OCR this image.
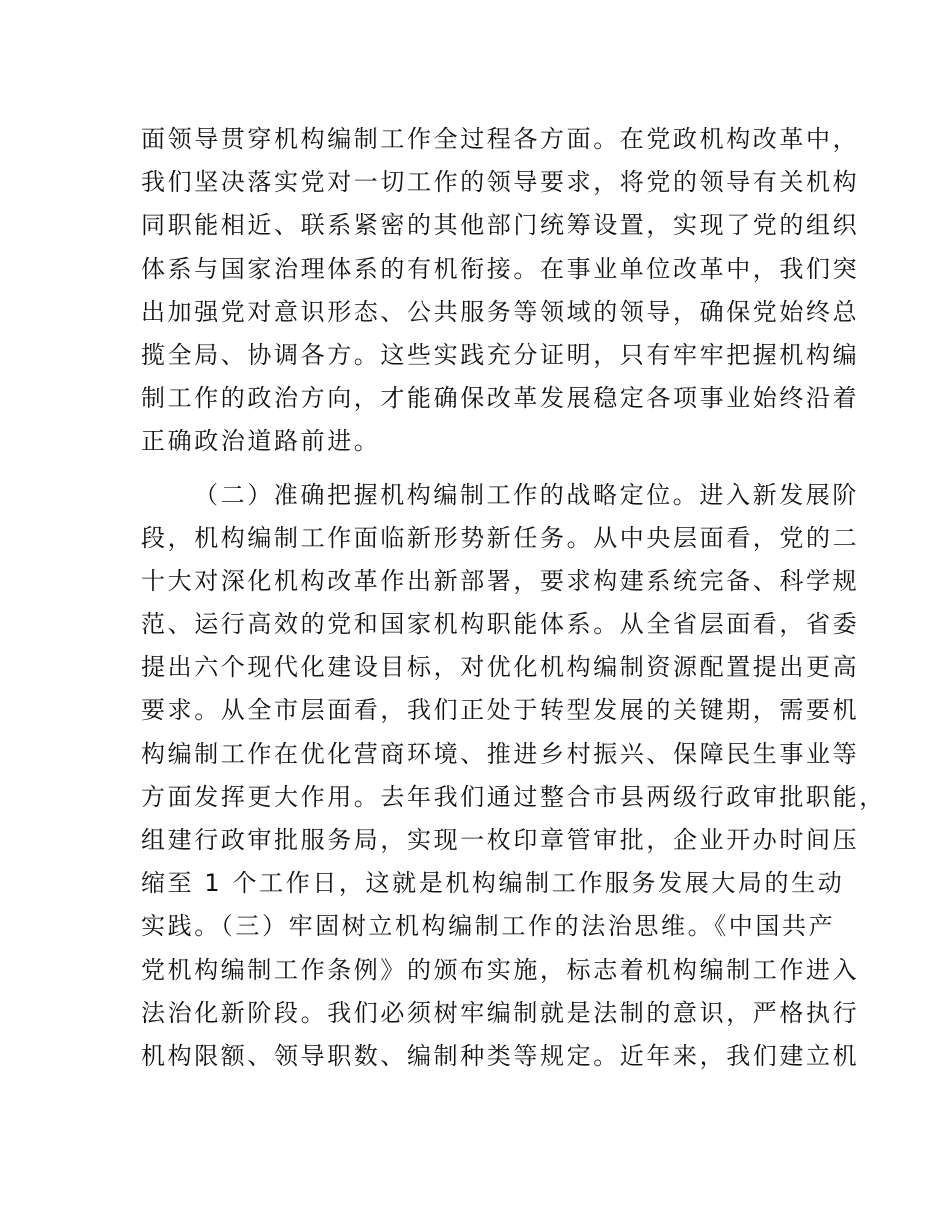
面领导贯穿机构编制工作全过程各方面。在党政机构改革中，
我们坚决落实党对一切工作的领导要求，将党的领导有关机构
同职能相近、联系紧密的其他部门统筹设置，实现了党的组织
体系与国家治理体系的有机衔接。在事业单位改革中，我们突
出加强党对意识形态、公共服务等领域的领导，确保党始终总
揽全局、协调各方。这些实践充分证明，只有牢牢把握机构编
制工作的政治方向，才能确保改革发展稳定各项事业始终沿着
正确政治道路前进。

（二）准确把握机构编制工作的战略定位。进入新发展阶
段，机构编制工作面临新形势新任务。从中央层面看，党的二
十大对深化机构改革作出新部署，要求构建系统完备、科学规
范、运行高效的党和国家机构职能体系。从全省层面看，省委
提出六个现代化建设目标，对优化机构编制资源配置提出更高
要求。从全市层面看，我们正处于转型发展的关键期，需要机
构编制工作在优化营商环境、推进乡村振兴、保障民生事业等
方面发挥更大作用。去年我们通过整合市县两级行政审批职能，
组建行政审批服务局，实现一枚印章管审批，企业开办时间压
缩至 1 个工作日，这就是机构编制工作服务发展大局的生动
实践。（三）牢固树立机构编制工作的法治思维。《中国共产
党机构编制工作条例》的颁布实施，标志着机构编制工作进入
法治化新阶段。我们必须树牢编制就是法制的意识，严格执行
机构限额、领导职数、编制种类等规定。近年来，我们建立机
